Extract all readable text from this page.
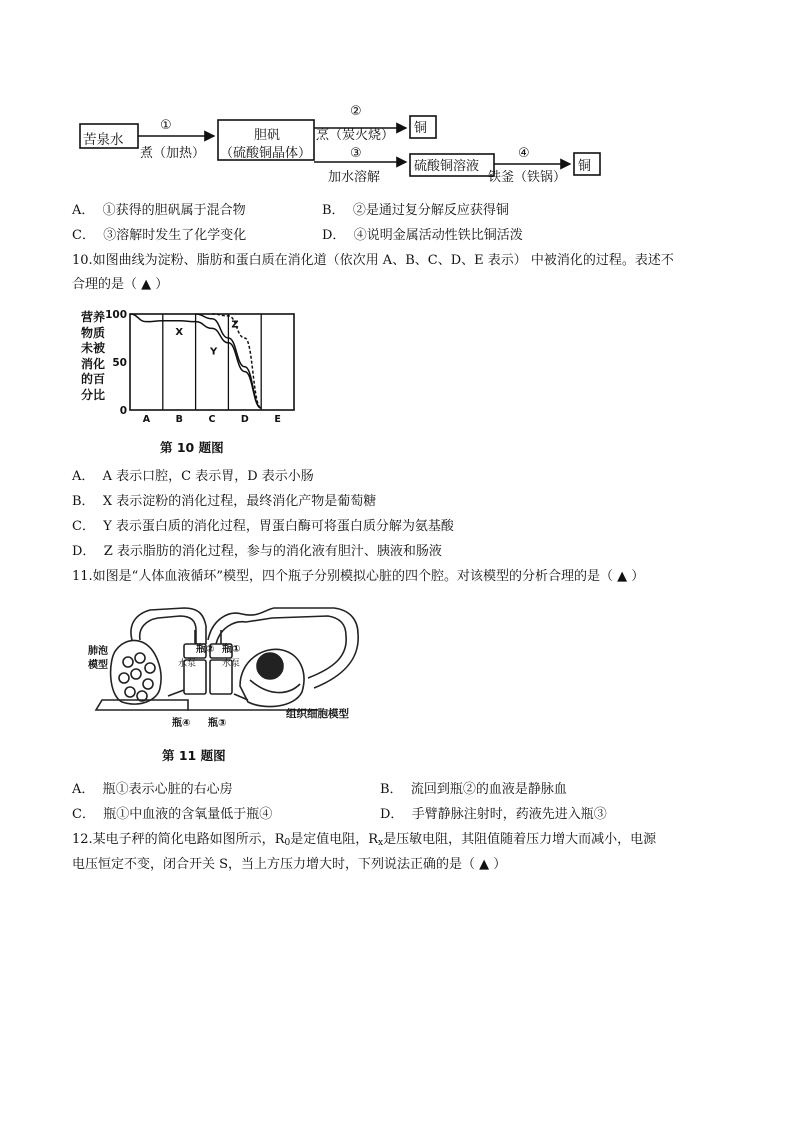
苦泉水
①
煮（加热）
胆矾
（硫酸铜晶体）
②
烹（炭火烧） 铜
③
加水溶解
硫酸铜溶液
④
铁釜（铁锅）
铜
A． ①获得的胆矾属于混合物	B． ②是通过复分解反应获得铜
C． ③溶解时发生了化学变化	D． ④说明金属活动性铁比铜活泼
10.如图曲线为淀粉、脂肪和蛋白质在消化道（依次用 A、B、C、D、E 表示） 中被消化的过程。表述不
合理的是（ ▲ ）
营养
物质
未被
消化
的百
分比
100
50
0
A	B	C	D	E
X
Y
Z
第 10 题图
A． A 表示口腔，C 表示胃，D 表示小肠
B． X 表示淀粉的消化过程，最终消化产物是葡萄糖
C． Y 表示蛋白质的消化过程，胃蛋白酶可将蛋白质分解为氨基酸
D． Z 表示脂肪的消化过程，参与的消化液有胆汁、胰液和肠液
11.如图是“人体血液循环”模型，四个瓶子分别模拟心脏的四个腔。对该模型的分析合理的是（ ▲ ）
肺泡
模型
瓶② 瓶①
水泵	水泵
瓶④ 瓶③
组织细胞模型
第 11 题图
A． 瓶①表示心脏的右心房	B． 流回到瓶②的血液是静脉血
C． 瓶①中血液的含氧量低于瓶④	D． 手臂静脉注射时，药液先进入瓶③
12.某电子秤的简化电路如图所示，$R_0$是定值电阻，$R_x$是压敏电阻，其阻值随着压力增大而减小，电源
电压恒定不变，闭合开关 S，当上方压力增大时，下列说法正确的是（ ▲ ）
